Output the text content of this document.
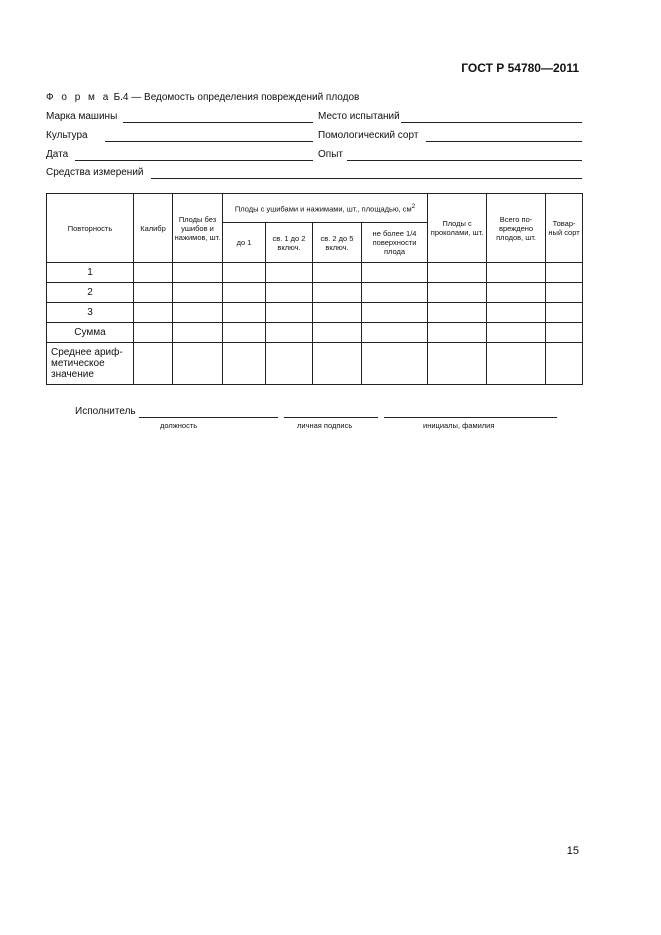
ГОСТ Р 54780—2011
Ф о р м а Б.4 — Ведомость определения повреждений плодов
Марка машины	Место испытаний
Культура	Помологический сорт
Дата	Опыт
Средства измерений
Повторность	Калибр	Плоды без ушибов и нажимов, шт.	Плоды с ушибами и нажимами, шт., площадью, $см^2$				Плоды с проколами, шт.	Всего по-вреждено плодов, шт.	Товар-ный сорт
			до 1	св. 1 до 2 включ.	св. 2 до 5 включ.	не более 1/4 поверхности плода			
1									
2									
3									
Сумма									
Среднее ариф-метическое значение									
Исполнитель
должность	личная подпись	инициалы, фамилия
15
